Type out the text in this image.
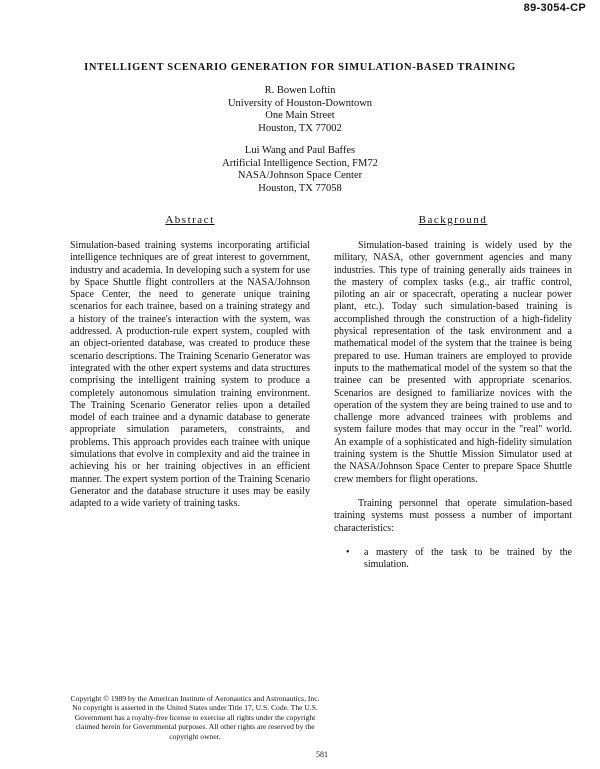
89-3054-CP
INTELLIGENT SCENARIO GENERATION FOR SIMULATION-BASED TRAINING
R. Bowen Loftin
University of Houston-Downtown
One Main Street
Houston, TX 77002
Lui Wang and Paul Baffes
Artificial Intelligence Section, FM72
NASA/Johnson Space Center
Houston, TX 77058
Abstract	Background

Simulation-based training systems incorporating artificial intelligence techniques are of great interest to government, industry and academia. In developing such a system for use by Space Shuttle flight controllers at the NASA/Johnson Space Center, the need to generate unique training scenarios for each trainee, based on a training strategy and a history of the trainee's interaction with the system, was addressed. A production-rule expert system, coupled with an object-oriented database, was created to produce these scenario descriptions. The Training Scenario Generator was integrated with the other expert systems and data structures comprising the intelligent training system to produce a completely autonomous simulation training environment. The Training Scenario Generator relies upon a detailed model of each trainee and a dynamic database to generate appropriate simulation parameters, constraints, and problems. This approach provides each trainee with unique simulations that evolve in complexity and aid the trainee in achieving his or her training objectives in an efficient manner. The expert system portion of the Training Scenario Generator and the database structure it uses may be easily adapted to a wide variety of training tasks.

Simulation-based training is widely used by the military, NASA, other government agencies and many industries. This type of training generally aids trainees in the mastery of complex tasks (e.g., air traffic control, piloting an air or spacecraft, operating a nuclear power plant, etc.). Today such simulation-based training is accomplished through the construction of a high-fidelity physical representation of the task environment and a mathematical model of the system that the trainee is being prepared to use. Human trainers are employed to provide inputs to the mathematical model of the system so that the trainee can be presented with appropriate scenarios. Scenarios are designed to familiarize novices with the operation of the system they are being trained to use and to challenge more advanced trainees with problems and system failure modes that may occur in the "real" world. An example of a sophisticated and high-fidelity simulation training system is the Shuttle Mission Simulator used at the NASA/Johnson Space Center to prepare Space Shuttle crew members for flight operations.

Training personnel that operate simulation-based training systems must possess a number of important characteristics:

• a mastery of the task to be trained by the simulation.
Copyright © 1989 by the American Institute of Aeronautics and Astronautics, Inc. No copyright is asserted in the United States under Title 17, U.S. Code. The U.S. Government has a royalty-free license to exercise all rights under the copyright claimed herein for Governmental purposes. All other rights are reserved by the copyright owner.
581
